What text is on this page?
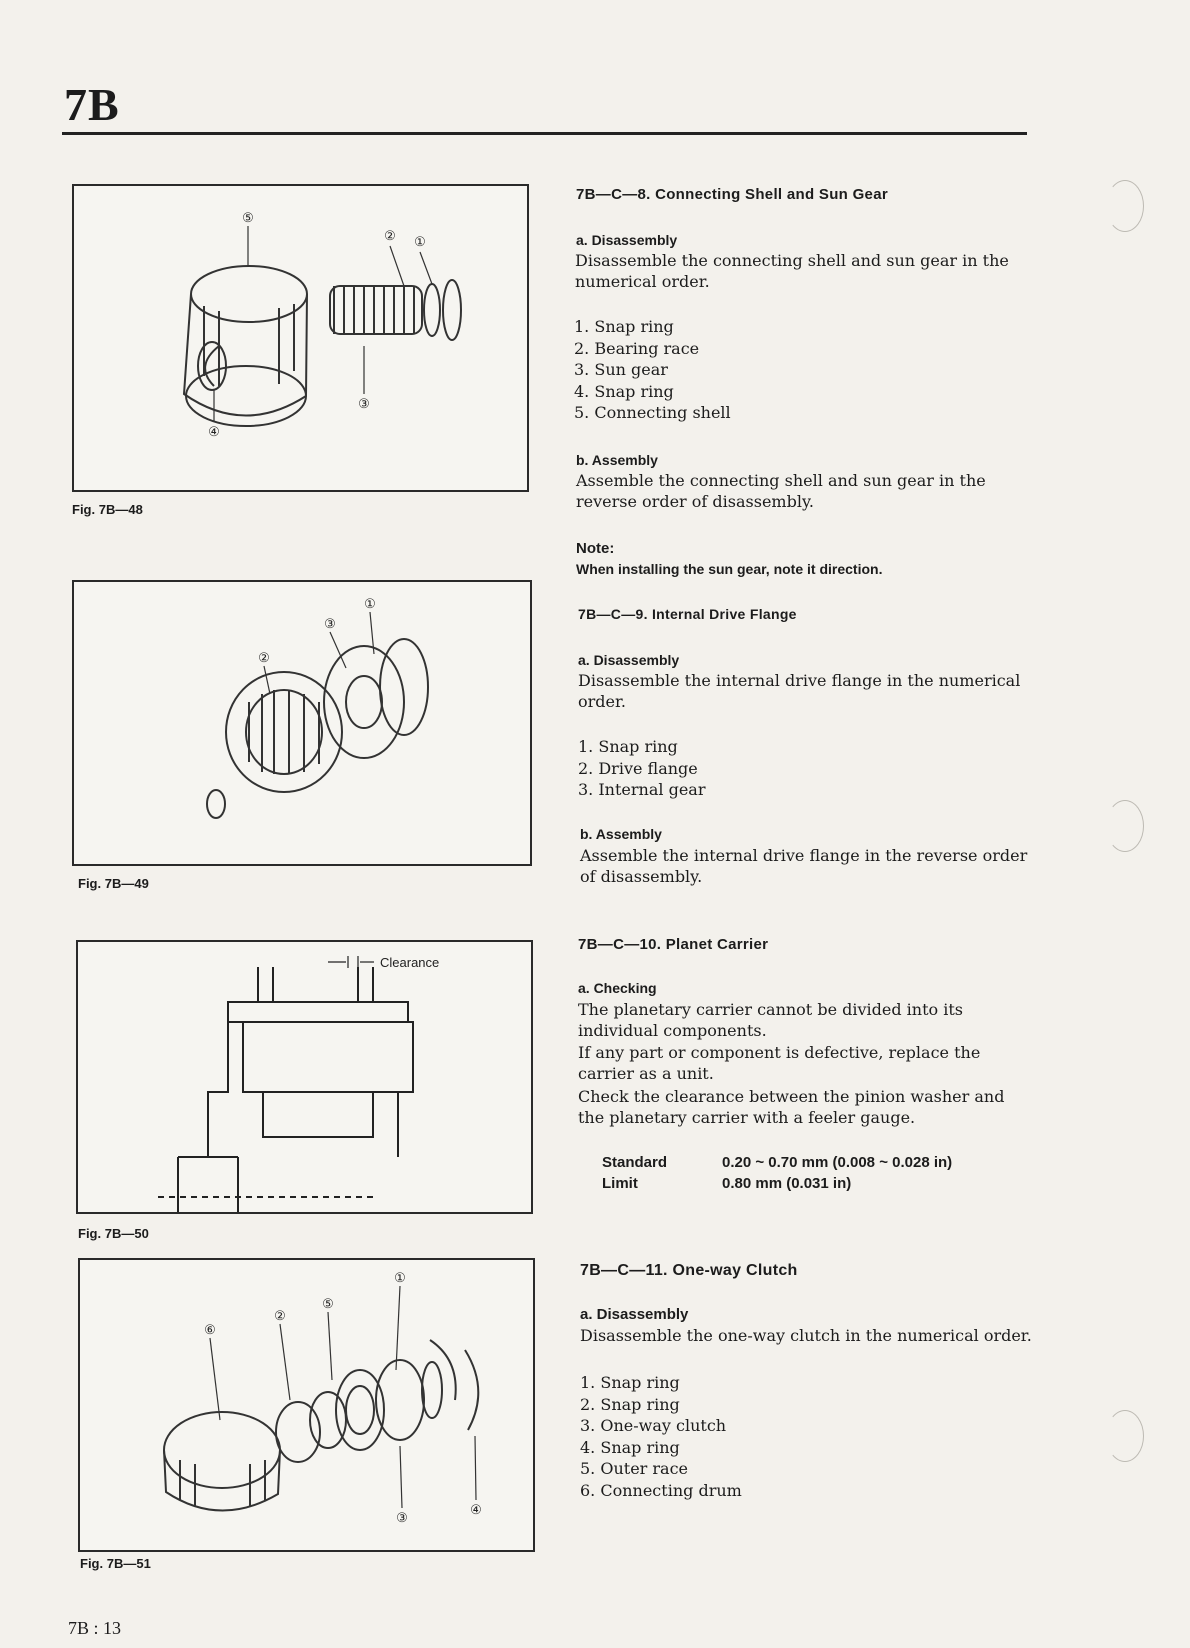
7B
⑤
①
②
③
④
Fig. 7B—48
①
③
②
Fig. 7B—49
Clearance
Fig. 7B—50
①
⑤
②
⑥
③
④
Fig. 7B—51
7B—C—8. Connecting Shell and Sun Gear
a. Disassembly
Disassemble the connecting shell and sun gear in the numerical order.
1. Snap ring
2. Bearing race
3. Sun gear
4. Snap ring
5. Connecting shell
b. Assembly
Assemble the connecting shell and sun gear in the reverse order of disassembly.
Note:
When installing the sun gear, note it direction.
7B—C—9. Internal Drive Flange
a. Disassembly
Disassemble the internal drive flange in the numerical order.
1. Snap ring
2. Drive flange
3. Internal gear
b. Assembly
Assemble the internal drive flange in the reverse order of disassembly.
7B—C—10. Planet Carrier
a. Checking
The planetary carrier cannot be divided into its individual components.
If any part or component is defective, replace the carrier as a unit.
Check the clearance between the pinion washer and the planetary carrier with a feeler gauge.
Standard	0.20 ~ 0.70 mm (0.008 ~ 0.028 in)
Limit	0.80 mm (0.031 in)
7B—C—11. One-way Clutch
a. Disassembly
Disassemble the one-way clutch in the numerical order.
1. Snap ring
2. Snap ring
3. One-way clutch
4. Snap ring
5. Outer race
6. Connecting drum
7B : 13
